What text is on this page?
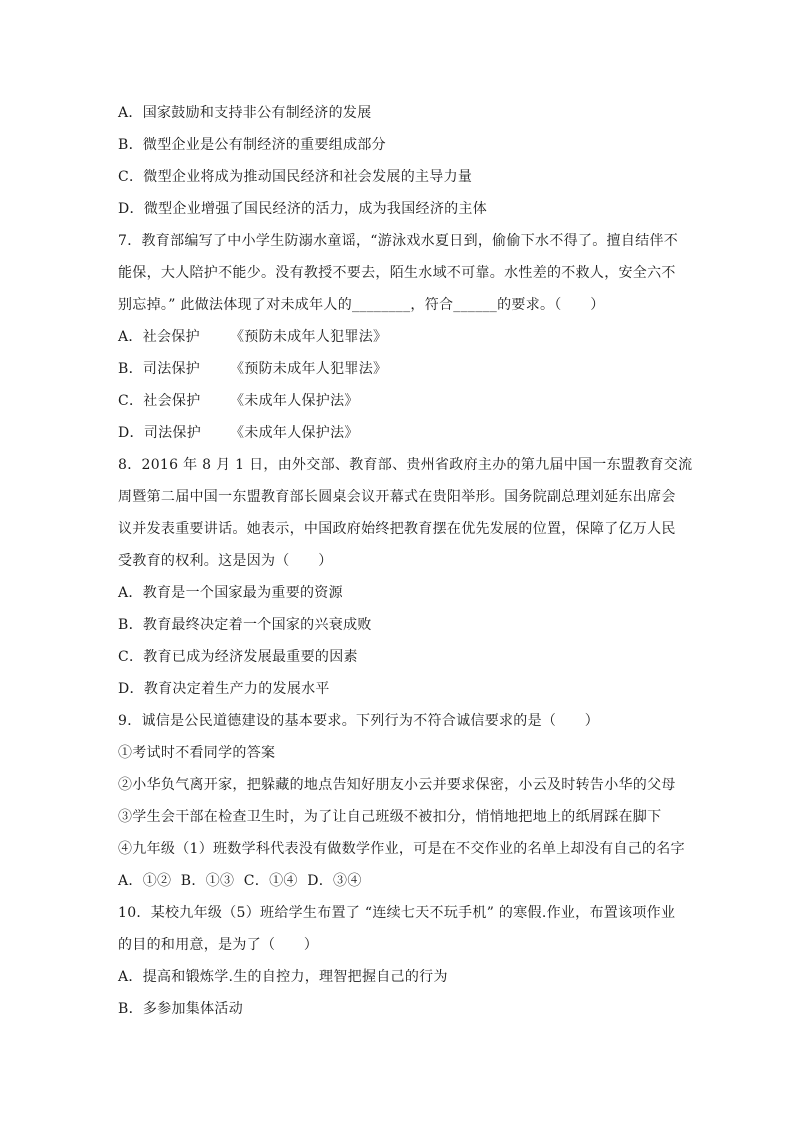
A．国家鼓励和支持非公有制经济的发展
B．微型企业是公有制经济的重要组成部分
C．微型企业将成为推动国民经济和社会发展的主导力量
D．微型企业增强了国民经济的活力，成为我国经济的主体
7．教育部编写了中小学生防溺水童谣，“游泳戏水夏日到，偷偷下水不得了。擅自结伴不
能保，大人陪护不能少。没有教授不要去，陌生水域不可靠。水性差的不救人，安全六不
别忘掉。” 此做法体现了对未成年人的________，符合______的要求。（　　）
A．社会保护 《预防未成年人犯罪法》
B．司法保护 《预防未成年人犯罪法》
C．社会保护 《未成年人保护法》
D．司法保护 《未成年人保护法》
8．2016 年 8 月 1 日，由外交部、教育部、贵州省政府主办的第九届中国一东盟教育交流
周暨第二届中国一东盟教育部长圆桌会议开幕式在贵阳举形。国务院副总理刘延东出席会
议并发表重要讲话。她表示，中国政府始终把教育摆在优先发展的位置，保障了亿万人民
受教育的权利。这是因为（　　）
A．教育是一个国家最为重要的资源
B．教育最终决定着一个国家的兴衰成败
C．教育已成为经济发展最重要的因素
D．教育决定着生产力的发展水平
9．诚信是公民道德建设的基本要求。下列行为不符合诚信要求的是（　　）
①考试时不看同学的答案
②小华负气离开家，把躲藏的地点告知好朋友小云并要求保密，小云及时转告小华的父母
③学生会干部在检查卫生时，为了让自己班级不被扣分，悄悄地把地上的纸屑踩在脚下
④九年级（1）班数学科代表没有做数学作业，可是在不交作业的名单上却没有自己的名字
A．①②  B．①③  C．①④  D．③④
10．某校九年级（5）班给学生布置了 “连续七天不玩手机” 的寒假.作业，布置该项作业
的目的和用意，是为了（　　）
A．提高和锻炼学.生的自控力，理智把握自己的行为
B．多参加集体活动
